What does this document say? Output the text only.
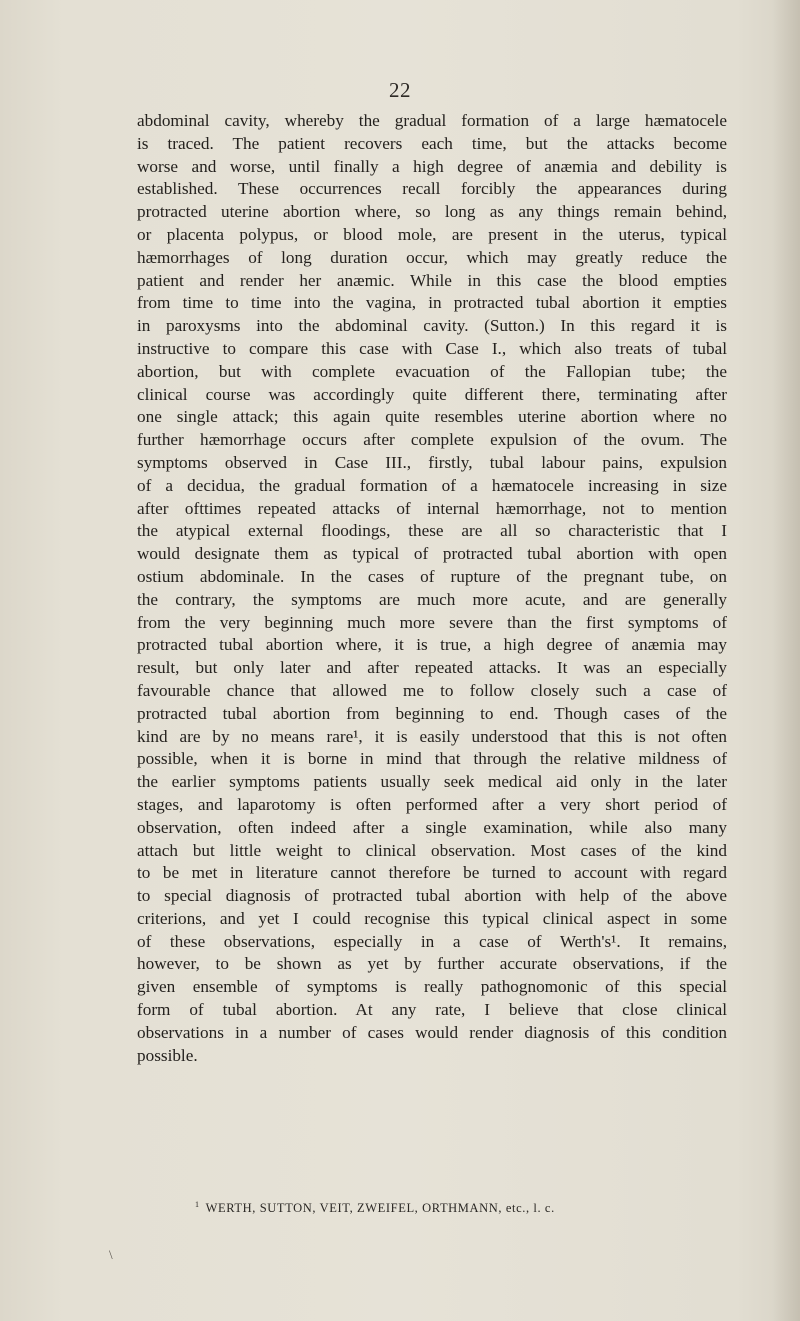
22

abdominal cavity, whereby the gradual formation of a large hæmatocele
is traced. The patient recovers each time, but the attacks become
worse and worse, until finally a high degree of anæmia and debility is
established. These occurrences recall forcibly the appearances during
protracted uterine abortion where, so long as any things remain behind,
or placenta polypus, or blood mole, are present in the uterus, typical
hæmorrhages of long duration occur, which may greatly reduce the
patient and render her anæmic. While in this case the blood empties
from time to time into the vagina, in protracted tubal abortion it empties
in paroxysms into the abdominal cavity. (Sutton.) In this regard it is
instructive to compare this case with Case I., which also treats of tubal
abortion, but with complete evacuation of the Fallopian tube; the
clinical course was accordingly quite different there, terminating after
one single attack; this again quite resembles uterine abortion where no
further hæmorrhage occurs after complete expulsion of the ovum. The
symptoms observed in Case III., firstly, tubal labour pains, expulsion
of a decidua, the gradual formation of a hæmatocele increasing in size
after ofttimes repeated attacks of internal hæmorrhage, not to mention
the atypical external floodings, these are all so characteristic that I
would designate them as typical of protracted tubal abortion with open
ostium abdominale. In the cases of rupture of the pregnant tube, on
the contrary, the symptoms are much more acute, and are generally
from the very beginning much more severe than the first symptoms of
protracted tubal abortion where, it is true, a high degree of anæmia may
result, but only later and after repeated attacks. It was an especially
favourable chance that allowed me to follow closely such a case of
protracted tubal abortion from beginning to end. Though cases of the
kind are by no means rare¹, it is easily understood that this is not often
possible, when it is borne in mind that through the relative mildness of
the earlier symptoms patients usually seek medical aid only in the later
stages, and laparotomy is often performed after a very short period of
observation, often indeed after a single examination, while also many
attach but little weight to clinical observation. Most cases of the kind
to be met in literature cannot therefore be turned to account with regard
to special diagnosis of protracted tubal abortion with help of the above
criterions, and yet I could recognise this typical clinical aspect in some
of these observations, especially in a case of Werth's¹. It remains,
however, to be shown as yet by further accurate observations, if the
given ensemble of symptoms is really pathognomonic of this special
form of tubal abortion. At any rate, I believe that close clinical
observations in a number of cases would render diagnosis of this condition
possible.

$^1$ WERTH, SUTTON, VEIT, ZWEIFEL, ORTHMANN, etc., l. c.
\
